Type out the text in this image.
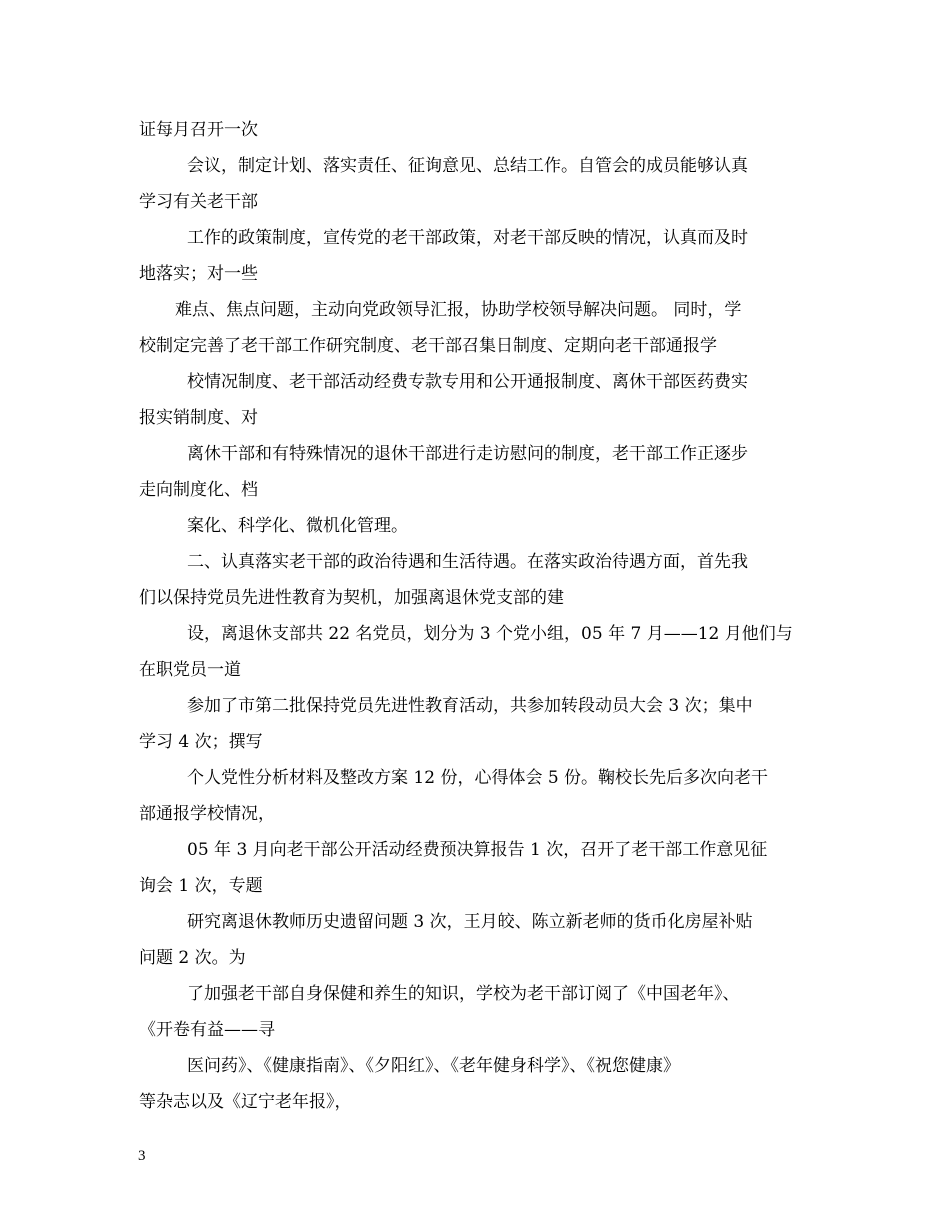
证每月召开一次

会议，制定计划、落实责任、征询意见、总结工作。自管会的成员能够认真

学习有关老干部

工作的政策制度，宣传党的老干部政策，对老干部反映的情况，认真而及时

地落实；对一些

难点、焦点问题，主动向党政领导汇报，协助学校领导解决问题。 同时，学

校制定完善了老干部工作研究制度、老干部召集日制度、定期向老干部通报学

校情况制度、老干部活动经费专款专用和公开通报制度、离休干部医药费实

报实销制度、对

离休干部和有特殊情况的退休干部进行走访慰问的制度，老干部工作正逐步

走向制度化、档

案化、科学化、微机化管理。

二、认真落实老干部的政治待遇和生活待遇。在落实政治待遇方面，首先我

们以保持党员先进性教育为契机，加强离退休党支部的建

设，离退休支部共 22 名党员，划分为 3 个党小组，05 年 7 月——12 月他们与

在职党员一道

参加了市第二批保持党员先进性教育活动，共参加转段动员大会 3 次；集中

学习 4 次；撰写

个人党性分析材料及整改方案 12 份，心得体会 5 份。鞠校长先后多次向老干

部通报学校情况，

05 年 3 月向老干部公开活动经费预决算报告 1 次，召开了老干部工作意见征

询会 1 次，专题

研究离退休教师历史遗留问题 3 次，王月皎、陈立新老师的货币化房屋补贴

问题 2 次。为

了加强老干部自身保健和养生的知识，学校为老干部订阅了《中国老年》、

《开卷有益——寻

医问药》、《健康指南》、《夕阳红》、《老年健身科学》、《祝您健康》

等杂志以及《辽宁老年报》，

3
